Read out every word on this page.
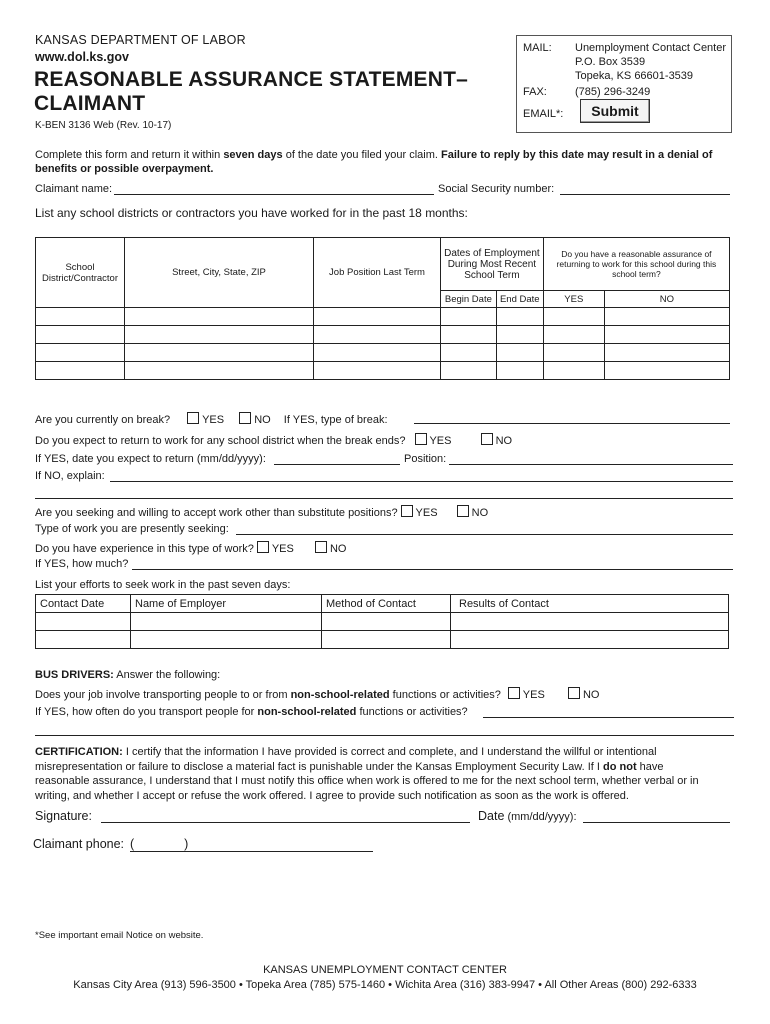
KANSAS DEPARTMENT OF LABOR
www.dol.ks.gov
REASONABLE ASSURANCE STATEMENT–
CLAIMANT
K-BEN 3136 Web (Rev. 10-17)
MAIL: Unemployment Contact Center
P.O. Box 3539
Topeka, KS 66601-3539
FAX:	(785) 296-3249
EMAIL*:	Submit
Complete this form and return it within seven days of the date you filed your claim. Failure to reply by this date may result in a denial of
benefits or possible overpayment.
Claimant name:	Social Security number:
List any school districts or contractors you have worked for in the past 18 months:
School District/Contractor	Street, City, State, ZIP	Job Position Last Term	Dates of Employment During Most Recent School Term		Do you have a reasonable assurance of returning to work for this school during this school term?	
			Begin Date	End Date	YES	NO

Are you currently on break?	YES	NO If YES, type of break:
Do you expect to return to work for any school district when the break ends? YES	NO
If YES, date you expect to return (mm/dd/yyyy):	Position:
If NO, explain:
Are you seeking and willing to accept work other than substitute positions? YES	NO
Type of work you are presently seeking:
Do you have experience in this type of work? YES	NO
If YES, how much?
List your efforts to seek work in the past seven days:
Contact Date	Name of Employer	Method of Contact	Results of Contact

BUS DRIVERS: Answer the following:
Does your job involve transporting people to or from non-school-related functions or activities? YES	NO
If YES, how often do you transport people for non-school-related functions or activities?
CERTIFICATION: I certify that the information I have provided is correct and complete, and I understand the willful or intentional
misrepresentation or failure to disclose a material fact is punishable under the Kansas Employment Security Law. If I do not have
reasonable assurance, I understand that I must notify this office when work is offered to me for the next school term, whether verbal or in
writing, and whether I accept or refuse the work offered. I agree to provide such notification as soon as the work is offered.
Signature:	Date (mm/dd/yyyy):
Claimant phone: (	)
*See important email Notice on website.
KANSAS UNEMPLOYMENT CONTACT CENTER
Kansas City Area (913) 596-3500 • Topeka Area (785) 575-1460 • Wichita Area (316) 383-9947 • All Other Areas (800) 292-6333
